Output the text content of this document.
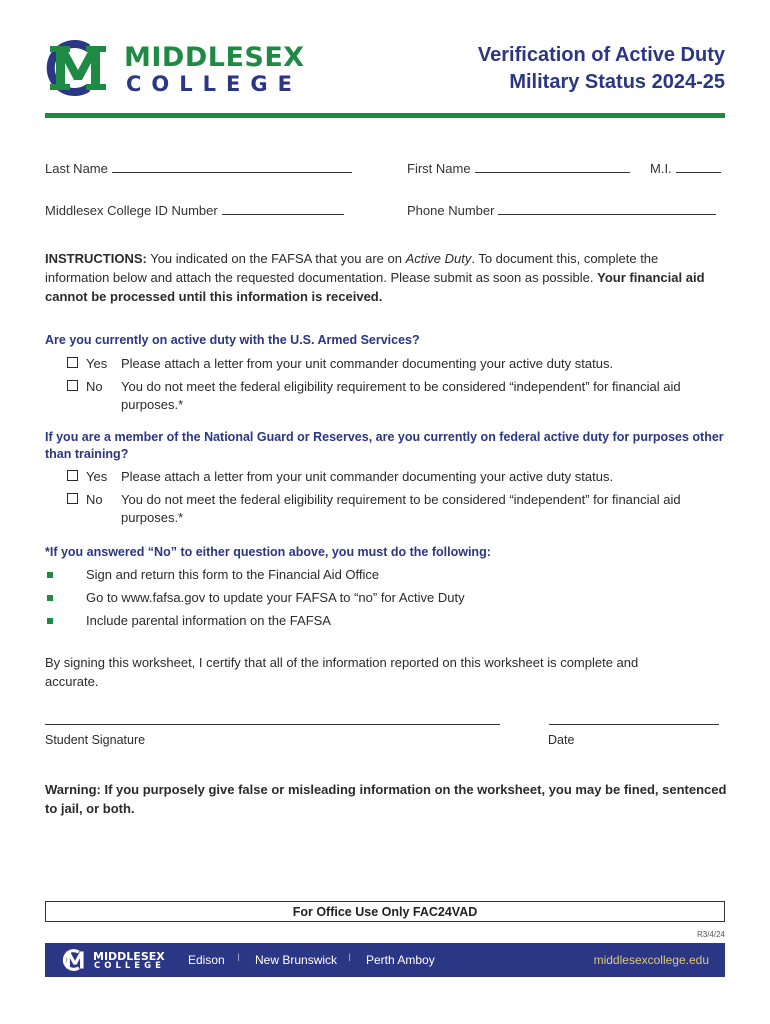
MIDDLESEX
COLLEGE
Verification of Active Duty
Military Status 2024-25
Last Name	First Name	M.I.
Middlesex College ID Number	Phone Number
INSTRUCTIONS: You indicated on the FAFSA that you are on Active Duty. To document this, complete the information below and attach the requested documentation. Please submit as soon as possible. Your financial aid cannot be processed until this information is received.
Are you currently on active duty with the U.S. Armed Services?
Yes Please attach a letter from your unit commander documenting your active duty status.
No You do not meet the federal eligibility requirement to be considered “independent” for financial aid purposes.*
If you are a member of the National Guard or Reserves, are you currently on federal active duty for purposes other than training?
Yes Please attach a letter from your unit commander documenting your active duty status.
No You do not meet the federal eligibility requirement to be considered “independent” for financial aid purposes.*
*If you answered “No” to either question above, you must do the following:
Sign and return this form to the Financial Aid Office
Go to www.fafsa.gov to update your FAFSA to “no” for Active Duty
Include parental information on the FAFSA
By signing this worksheet, I certify that all of the information reported on this worksheet is complete and accurate.
Student Signature	Date
Warning: If you purposely give false or misleading information on the worksheet, you may be fined, sentenced to jail, or both.
For Office Use Only FAC24VAD
R3/4/24
MIDDLESEX
COLLEGE Edison I New Brunswick I Perth Amboy	middlesexcollege.edu
